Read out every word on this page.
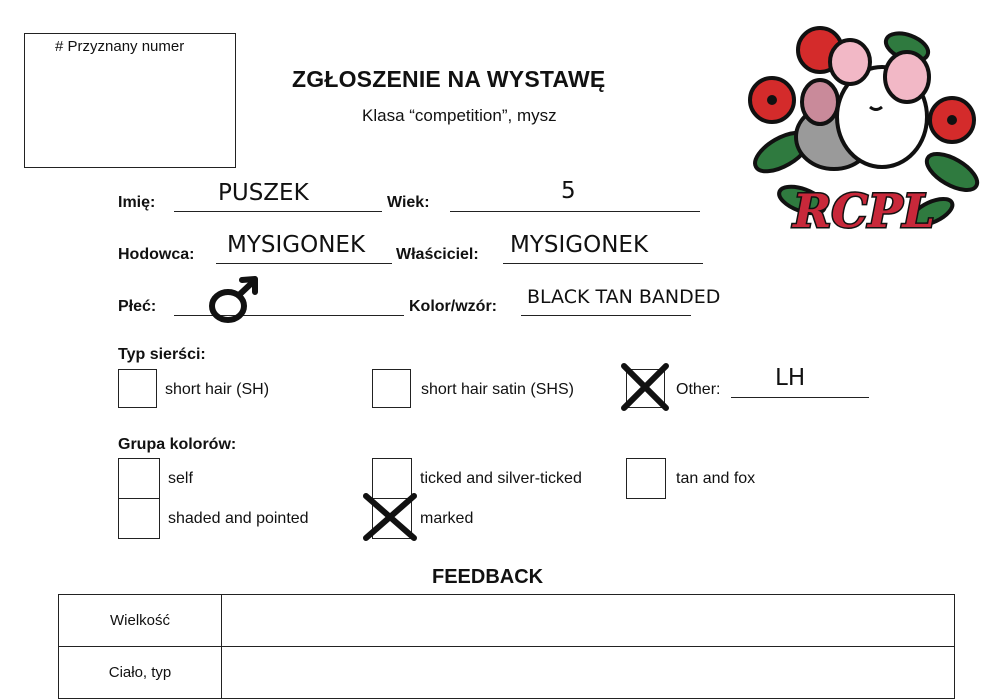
# Przyznany numer
ZGŁOSZENIE NA WYSTAWĘ
Klasa “competition”, mysz
RCPL
Imię:	PUSZEK	Wiek:	5
Hodowca: MYSIGONEK Właściciel: MYSIGONEK
Płeć:	Kolor/wzór: BLACK TAN BANDED
Typ sierści:
short hair (SH)	short hair satin (SHS)	Other: LH
Grupa kolorów:
self	ticked and silver-ticked	tan and fox
shaded and pointed	marked
FEEDBACK
Wielkość	
Ciało, typ	
